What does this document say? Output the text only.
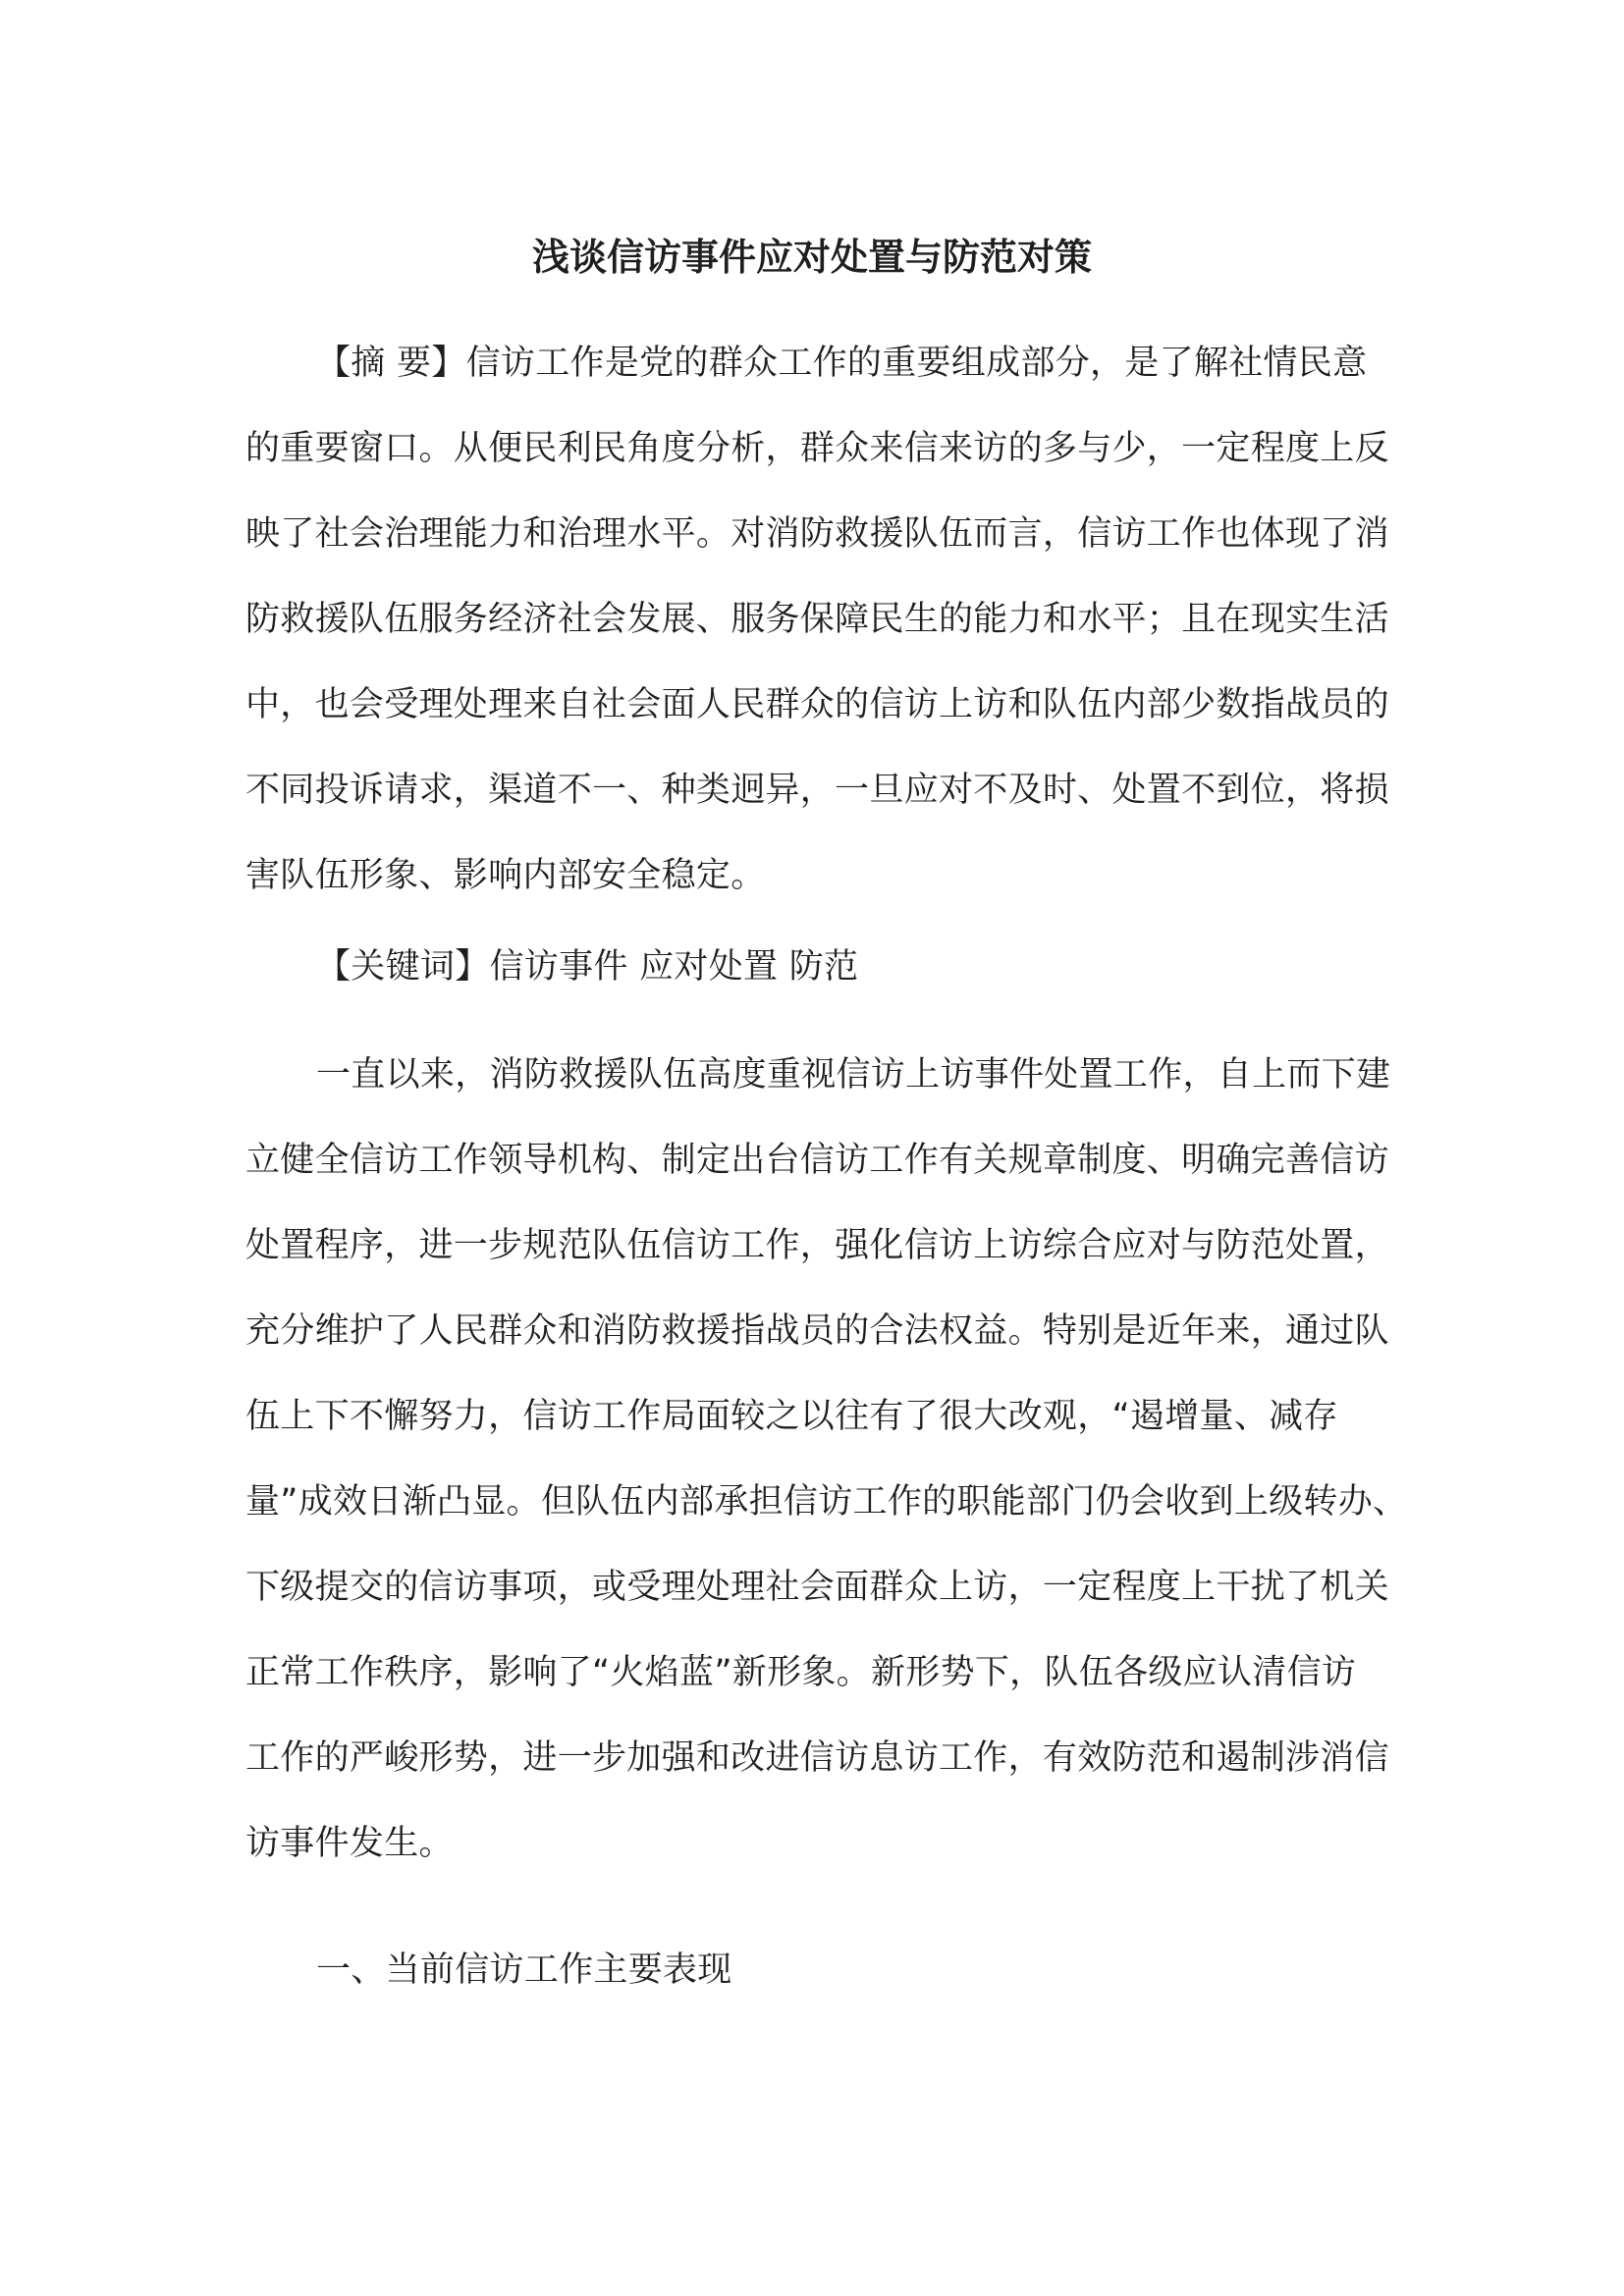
浅谈信访事件应对处置与防范对策
【摘 要】信访工作是党的群众工作的重要组成部分，是了解社情民意
的重要窗口。从便民利民角度分析，群众来信来访的多与少，一定程度上反
映了社会治理能力和治理水平。对消防救援队伍而言，信访工作也体现了消
防救援队伍服务经济社会发展、服务保障民生的能力和水平；且在现实生活
中，也会受理处理来自社会面人民群众的信访上访和队伍内部少数指战员的
不同投诉请求，渠道不一、种类迥异，一旦应对不及时、处置不到位，将损
害队伍形象、影响内部安全稳定。
【关键词】信访事件 应对处置 防范
一直以来，消防救援队伍高度重视信访上访事件处置工作，自上而下建
立健全信访工作领导机构、制定出台信访工作有关规章制度、明确完善信访
处置程序，进一步规范队伍信访工作，强化信访上访综合应对与防范处置，
充分维护了人民群众和消防救援指战员的合法权益。特别是近年来，通过队
伍上下不懈努力，信访工作局面较之以往有了很大改观，“遏增量、减存
量”成效日渐凸显。但队伍内部承担信访工作的职能部门仍会收到上级转办、
下级提交的信访事项，或受理处理社会面群众上访，一定程度上干扰了机关
正常工作秩序，影响了“火焰蓝”新形象。新形势下，队伍各级应认清信访
工作的严峻形势，进一步加强和改进信访息访工作，有效防范和遏制涉消信
访事件发生。
一、当前信访工作主要表现
